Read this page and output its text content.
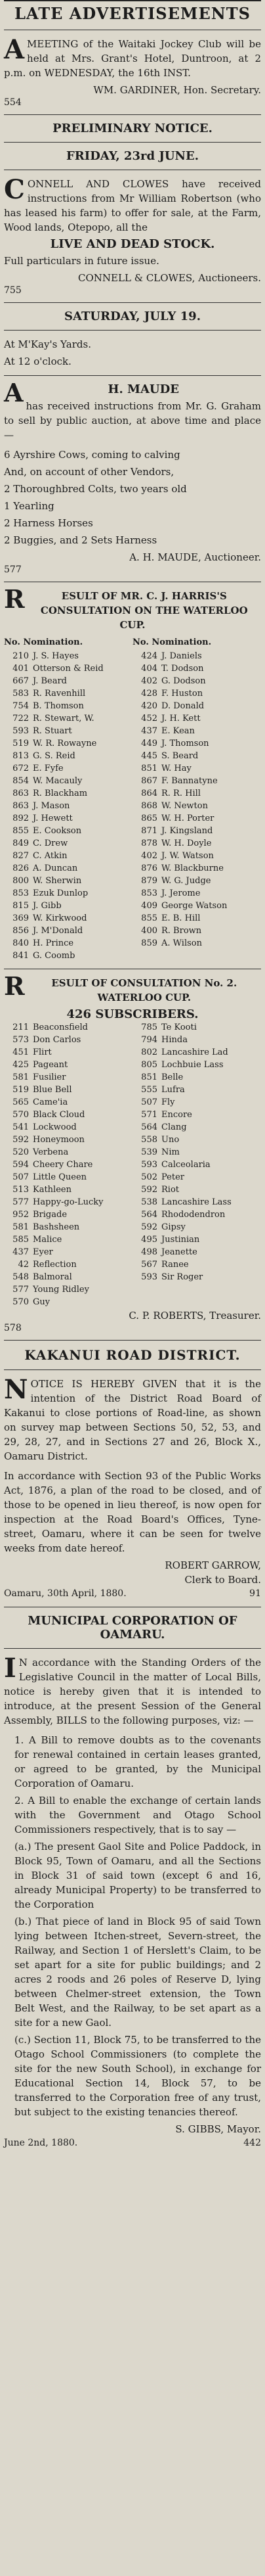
LATE ADVERTISEMENTS
A MEETING of the Waitaki Jockey Club will be held at Mrs. Grant's Hotel, Duntroon, at 2 p.m. on WEDNESDAY, the 16th INST.
WM. GARDINER, Hon. Secretary.
554
PRELIMINARY NOTICE.
FRIDAY, 23rd JUNE.
C ONNELL AND CLOWES have received instructions from Mr William Robertson (who has leased his farm) to offer for sale, at the Farm, Wood lands, Otepopo, all the
LIVE AND DEAD STOCK.
Full particulars in future issue.
CONNELL & CLOWES, Auctioneers.
755
SATURDAY, JULY 19.
At M'Kay's Yards.
At 12 o'clock.
A	H. MAUDE
has received instructions from Mr. G. Graham to sell by public auction, at above time and place —
6 Ayrshire Cows, coming to calving
And, on account of other Vendors,
2 Thoroughbred Colts, two years old
1 Yearling
2 Harness Horses
2 Buggies, and 2 Sets Harness
A. H. MAUDE, Auctioneer.
577
R	ESULT OF MR. C. J. HARRIS'S CONSULTATION ON THE WATERLOO CUP.
No. Nomination.	No. Nomination.
210 J. S. Hayes
401 Otterson & Reid
667 J. Beard
583 R. Ravenhill
754 B. Thomson
722 R. Stewart, W.
593 R. Stuart
519 W. R. Rowayne
813 G. S. Reid
672 E. Fyfe
854 W. Macauly
863 R. Blackham
863 J. Mason
892 J. Hewett
855 E. Cookson
849 C. Drew
827 C. Atkin
826 A. Duncan
800 W. Sherwin
853 Ezuk Dunlop
815 J. Gibb
369 W. Kirkwood
856 J. M'Donald
840 H. Prince
841 G. Coomb
424 J. Daniels
404 T. Dodson
402 G. Dodson
428 F. Huston
420 D. Donald
452 J. H. Kett
437 E. Kean
449 J. Thomson
445 S. Beard
851 W. Hay
867 F. Bannatyne
864 R. R. Hill
868 W. Newton
865 W. H. Porter
871 J. Kingsland
878 W. H. Doyle
402 J. W. Watson
876 W. Blackburne
879 W. G. Judge
853 J. Jerome
409 George Watson
855 E. B. Hill
400 R. Brown
859 A. Wilson
R	ESULT OF CONSULTATION No. 2. WATERLOO CUP.
426 SUBSCRIBERS.
211 Beaconsfield
573 Don Carlos
451 Flirt
425 Pageant
581 Fusilier
519 Blue Bell
565 Came'ia
570 Black Cloud
541 Lockwood
592 Honeymoon
520 Verbena
594 Cheery Chare
507 Little Queen
513 Kathleen
577 Happy-go-Lucky
952 Brigade
581 Bashsheen
585 Malice
437 Eyer
42 Reflection
548 Balmoral
577 Young Ridley
570 Guy
785 Te Kooti
794 Hinda
802 Lancashire Lad
805 Lochbuie Lass
851 Belle
555 Lufra
507 Fly
571 Encore
564 Clang
558 Uno
539 Nim
593 Calceolaria
502 Peter
592 Riot
538 Lancashire Lass
564 Rhododendron
592 Gipsy
495 Justinian
498 Jeanette
567 Ranee
593 Sir Roger
C. P. ROBERTS, Treasurer.
578
KAKANUI ROAD DISTRICT.
N OTICE IS HEREBY GIVEN that it is the intention of the District Road Board of Kakanui to close portions of Road-line, as shown on survey map between Sections 50, 52, 53, and 29, 28, 27, and in Sections 27 and 26, Block X., Oamaru District.
In accordance with Section 93 of the Public Works Act, 1876, a plan of the road to be closed, and of those to be opened in lieu thereof, is now open for inspection at the Road Board's Offices, Tyne-street, Oamaru, where it can be seen for twelve weeks from date hereof.
ROBERT GARROW,
Clerk to Board.
Oamaru, 30th April, 1880.	91
MUNICIPAL CORPORATION OF OAMARU.
I N accordance with the Standing Orders of the Legislative Council in the matter of Local Bills, notice is hereby given that it is intended to introduce, at the present Session of the General Assembly, BILLS to the following purposes, viz: —
1. A Bill to remove doubts as to the covenants for renewal contained in certain leases granted, or agreed to be granted, by the Municipal Corporation of Oamaru.
2. A Bill to enable the exchange of certain lands with the Government and Otago School Commissioners respectively, that is to say —
(a.) The present Gaol Site and Police Paddock, in Block 95, Town of Oamaru, and all the Sections in Block 31 of said town (except 6 and 16, already Municipal Property) to be transferred to the Corporation
(b.) That piece of land in Block 95 of said Town lying between Itchen-street, Severn-street, the Railway, and Section 1 of Herslett's Claim, to be set apart for a site for public buildings; and 2 acres 2 roods and 26 poles of Reserve D, lying between Chelmer-street extension, the Town Belt West, and the Railway, to be set apart as a site for a new Gaol.
(c.) Section 11, Block 75, to be transferred to the Otago School Commissioners (to complete the site for the new South School), in exchange for Educational Section 14, Block 57, to be transferred to the Corporation free of any trust, but subject to the existing tenancies thereof.
S. GIBBS, Mayor.
June 2nd, 1880.	442
